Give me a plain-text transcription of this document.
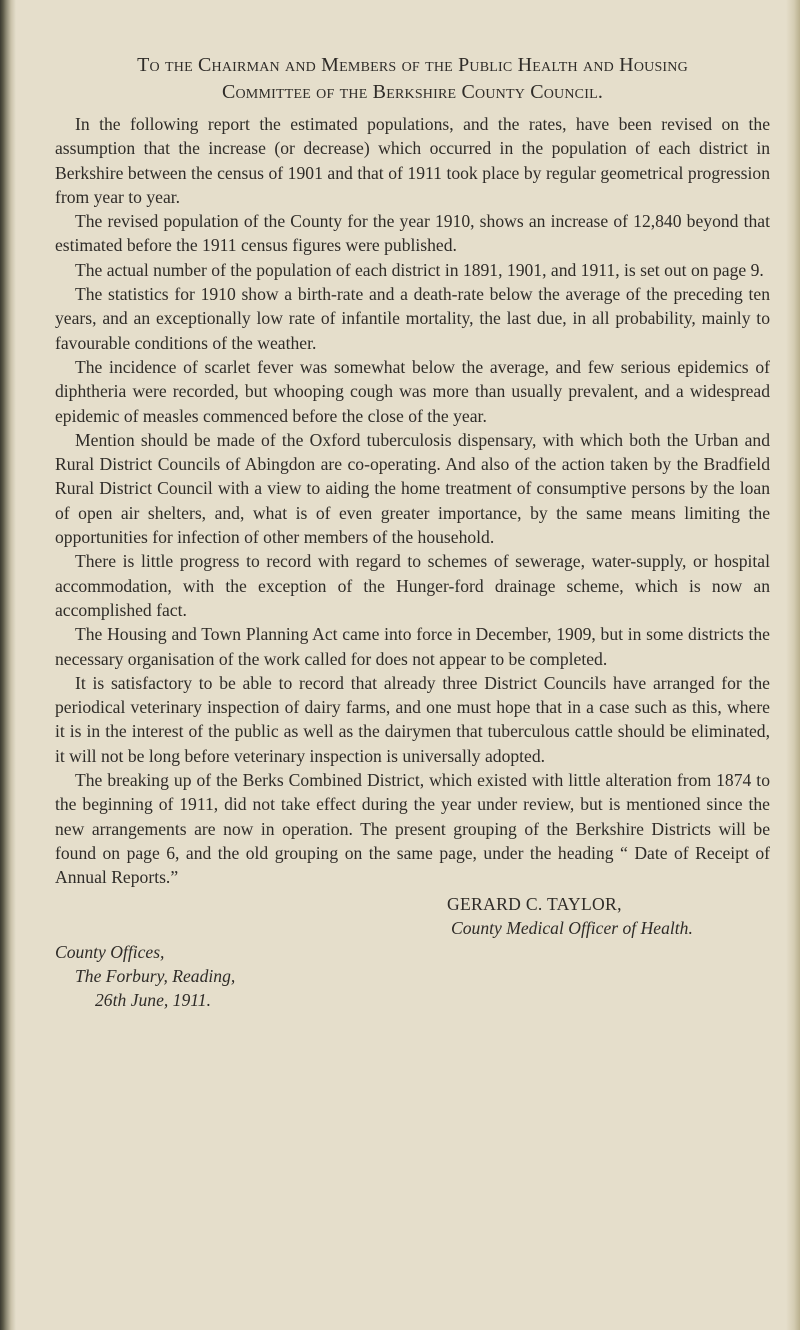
To the Chairman and Members of the Public Health and Housing
Committee of the Berkshire County Council.

In the following report the estimated populations, and the rates, have been revised on the assumption that the increase (or decrease) which occurred in the population of each district in Berkshire between the census of 1901 and that of 1911 took place by regular geometrical progression from year to year.

The revised population of the County for the year 1910, shows an increase of 12,840 beyond that estimated before the 1911 census figures were published.

The actual number of the population of each district in 1891, 1901, and 1911, is set out on page 9.

The statistics for 1910 show a birth-rate and a death-rate below the average of the preceding ten years, and an exceptionally low rate of infantile mortality, the last due, in all probability, mainly to favourable conditions of the weather.

The incidence of scarlet fever was somewhat below the average, and few serious epidemics of diphtheria were recorded, but whooping cough was more than usually prevalent, and a widespread epidemic of measles commenced before the close of the year.

Mention should be made of the Oxford tuberculosis dispensary, with which both the Urban and Rural District Councils of Abingdon are co-operating. And also of the action taken by the Bradfield Rural District Council with a view to aiding the home treatment of consumptive persons by the loan of open air shelters, and, what is of even greater importance, by the same means limiting the opportunities for infection of other members of the household.

There is little progress to record with regard to schemes of sewerage, water-supply, or hospital accommodation, with the exception of the Hunger-ford drainage scheme, which is now an accomplished fact.

The Housing and Town Planning Act came into force in December, 1909, but in some districts the necessary organisation of the work called for does not appear to be completed.

It is satisfactory to be able to record that already three District Councils have arranged for the periodical veterinary inspection of dairy farms, and one must hope that in a case such as this, where it is in the interest of the public as well as the dairymen that tuberculous cattle should be eliminated, it will not be long before veterinary inspection is universally adopted.

The breaking up of the Berks Combined District, which existed with little alteration from 1874 to the beginning of 1911, did not take effect during the year under review, but is mentioned since the new arrangements are now in operation. The present grouping of the Berkshire Districts will be found on page 6, and the old grouping on the same page, under the heading “ Date of Receipt of Annual Reports.”

GERARD C. TAYLOR,
County Medical Officer of Health.
County Offices,
The Forbury, Reading,
26th June, 1911.
